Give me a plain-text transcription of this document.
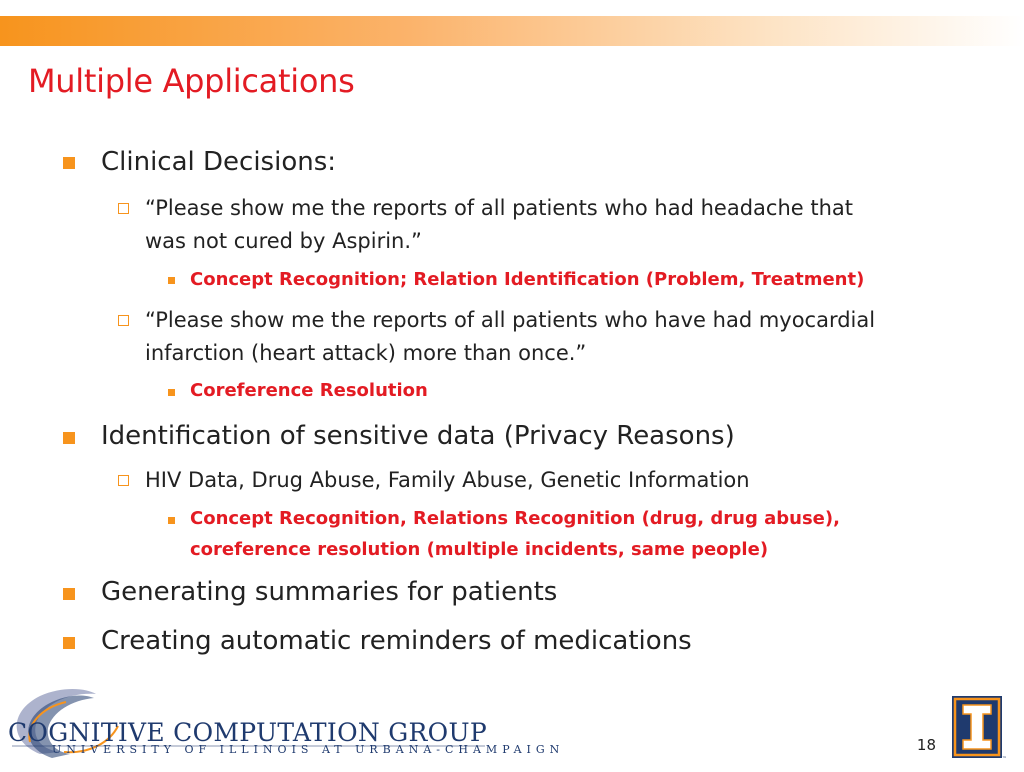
Multiple Applications
Clinical Decisions:
“Please show me the reports of all patients who had headache that
was not cured by Aspirin.”
Concept Recognition; Relation Identification (Problem, Treatment)
“Please show me the reports of all patients who have had myocardial
infarction (heart attack) more than once.”
Coreference Resolution
Identification of sensitive data (Privacy Reasons)
HIV Data, Drug Abuse, Family Abuse, Genetic Information
Concept Recognition, Relations Recognition (drug, drug abuse),
coreference resolution (multiple incidents, same people)
Generating summaries for patients
Creating automatic reminders of medications
COGNITIVE COMPUTATION GROUP
UNIVERSITY OF ILLINOIS AT URBANA-CHAMPAIGN	18
™
